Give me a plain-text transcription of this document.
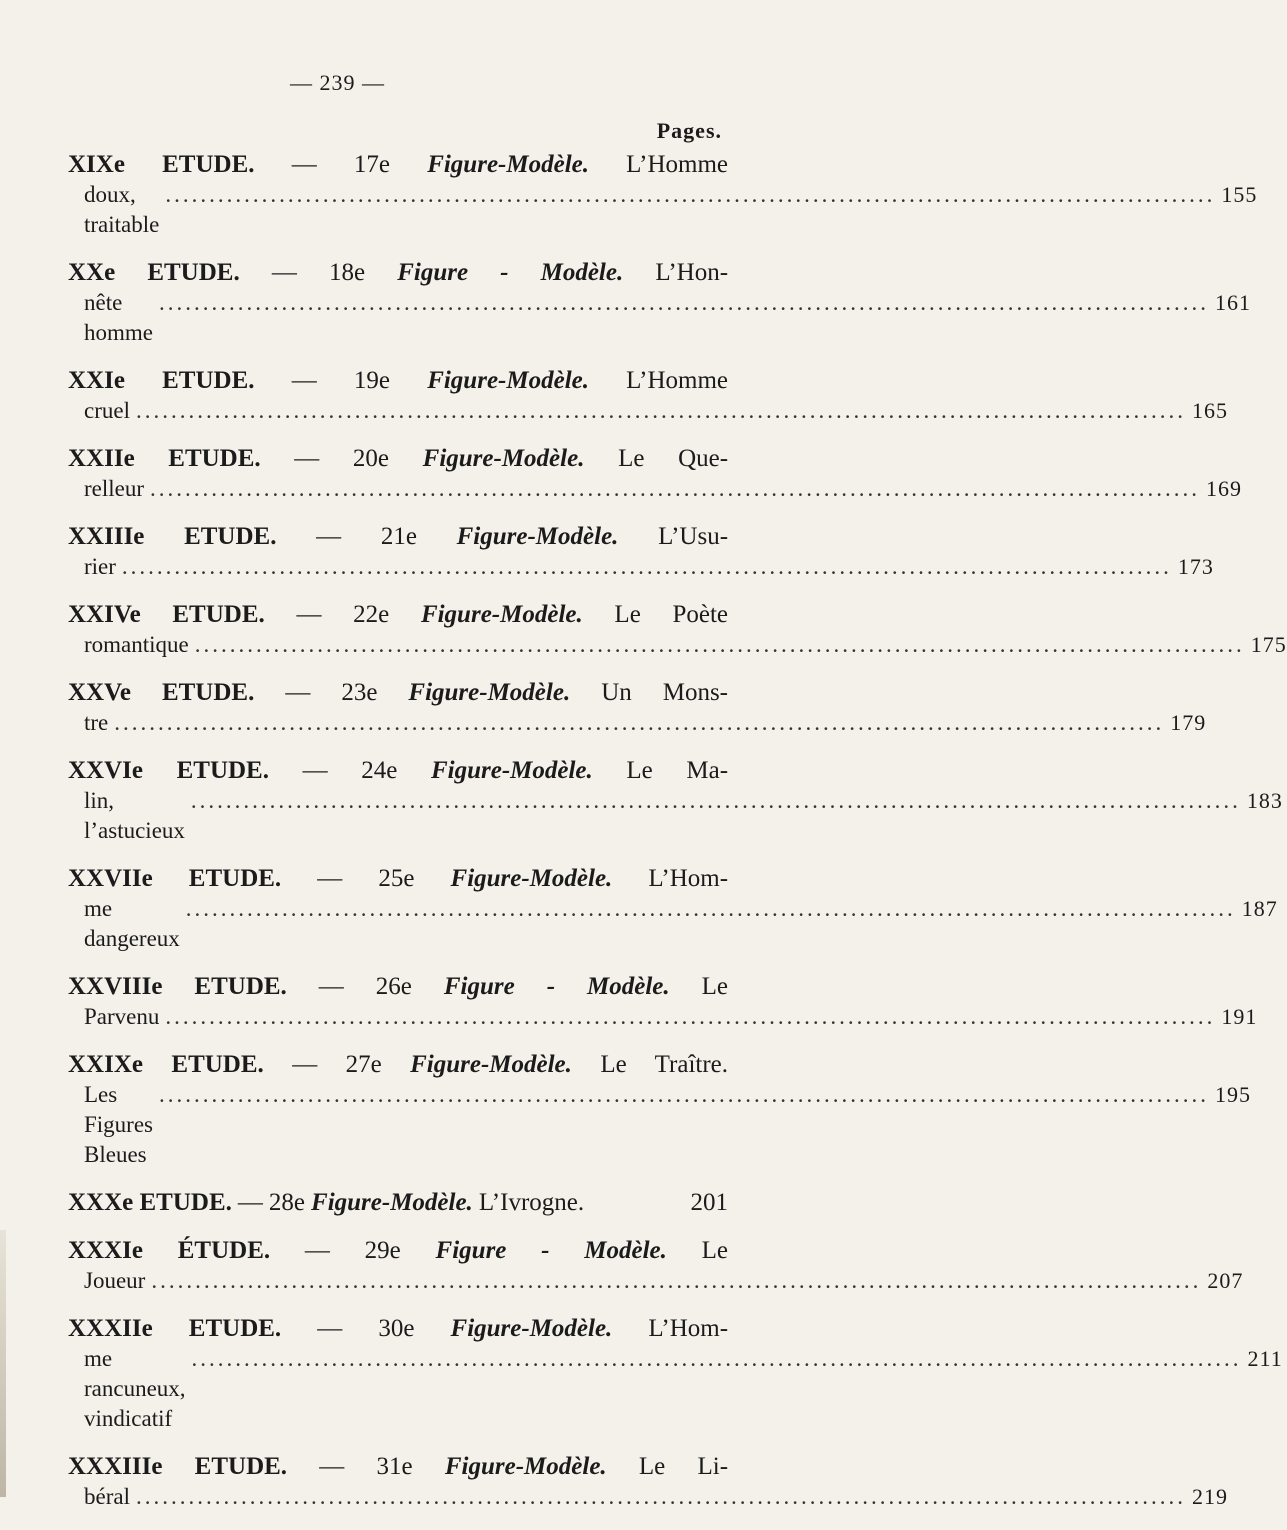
— 239 —
Pages.
XIXe ETUDE. — 17e Figure-Modèle. L’Homme
doux, traitable
........................................................................................................................ 155
XXe ETUDE. — 18e Figure - Modèle. L’Hon-
nête homme
........................................................................................................................ 161
XXIe ETUDE. — 19e Figure-Modèle. L’Homme
cruel ........................................................................................................................ 165
XXIIe ETUDE. — 20e Figure-Modèle. Le Que-
relleur ........................................................................................................................ 169
XXIIIe ETUDE. — 21e Figure-Modèle. L’Usu-
rier ........................................................................................................................ 173
XXIVe ETUDE. — 22e Figure-Modèle. Le Poète
romantique ........................................................................................................................ 175
XXVe ETUDE. — 23e Figure-Modèle. Un Mons-
tre ........................................................................................................................ 179
XXVIe ETUDE. — 24e Figure-Modèle. Le Ma-
lin, l’astucieux
........................................................................................................................ 183
XXVIIe ETUDE. — 25e Figure-Modèle. L’Hom-
me dangereux
........................................................................................................................ 187
XXVIIIe ETUDE. — 26e Figure - Modèle. Le
Parvenu ........................................................................................................................ 191
XXIXe ETUDE. — 27e Figure-Modèle. Le Traître.
Les Figures Bleues
........................................................................................................................ 195
XXXe ETUDE. — 28e Figure-Modèle. L’Ivrogne.	201
XXXIe ÉTUDE. — 29e Figure - Modèle. Le
Joueur ........................................................................................................................ 207
XXXIIe ETUDE. — 30e Figure-Modèle. L’Hom-
me rancuneux, vindicatif
........................................................................................................................ 211
XXXIIIe ETUDE. — 31e Figure-Modèle. Le Li-
béral ........................................................................................................................ 219
